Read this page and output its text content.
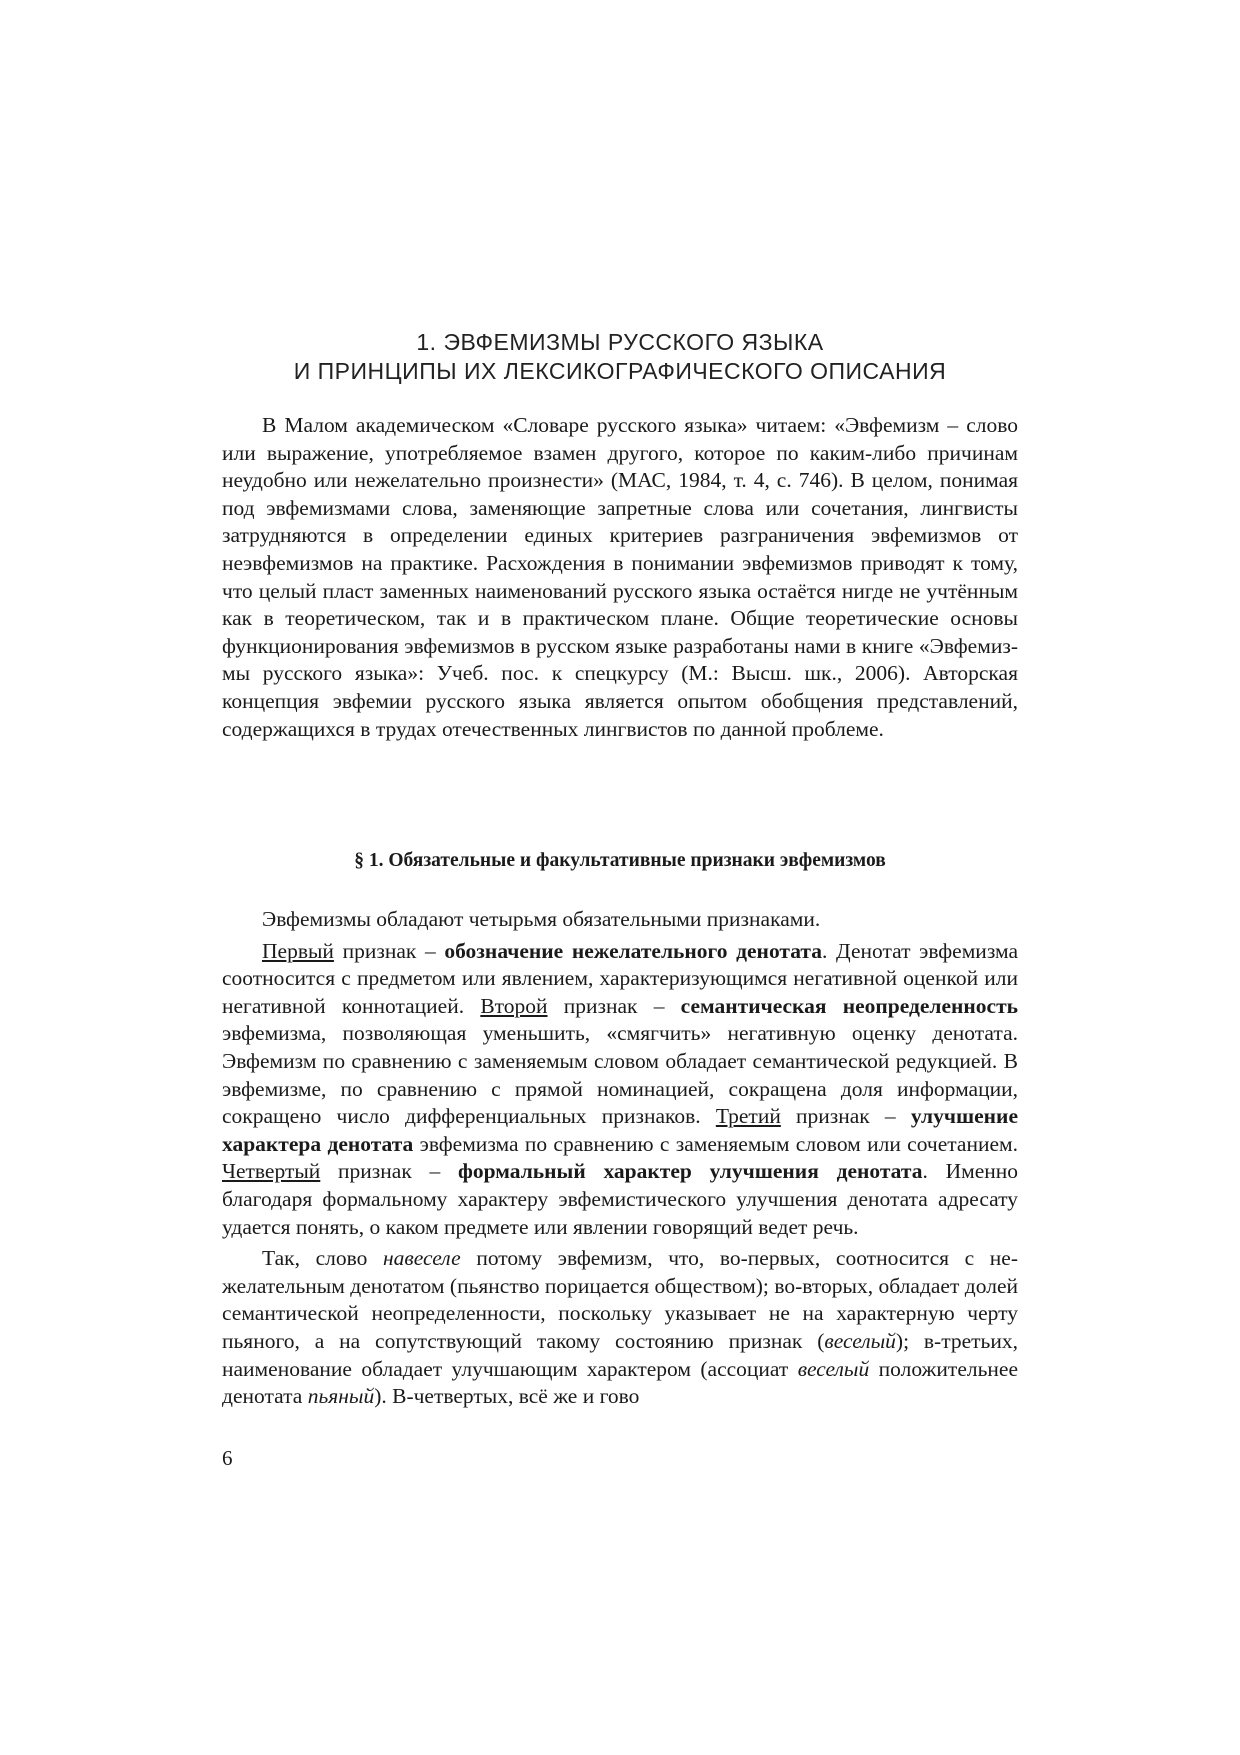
1. ЭВФЕМИЗМЫ РУССКОГО ЯЗЫКА
И ПРИНЦИПЫ ИХ ЛЕКСИКОГРАФИЧЕСКОГО ОПИСАНИЯ

В Малом академическом «Словаре русского языка» читаем: «Эвфемизм – слово или выражение, употребляемое взамен другого, которое по каким-либо причинам неудобно или нежелательно произнести» (МАС, 1984, т. 4, с. 746). В целом, понимая под эвфемизмами слова, заменяющие запретные слова или сочетания, лингвисты затрудняются в определении единых критериев разграничения эвфемизмов от неэвфемизмов на практике. Расхождения в понимании эвфемизмов приводят к тому, что целый пласт заменных наименований русского языка остаётся нигде не учтённым как в теоретическом, так и в практическом плане. Общие теоретические основы функционирования эвфемизмов в русском языке разработаны нами в книге «Эвфемизмы русского языка»: Учеб. пос. к спецкурсу (М.: Высш. шк., 2006). Авторская концепция эвфемии русского языка является опытом обобщения представлений, содержащихся в трудах отечественных лингвистов по данной проблеме.

§ 1. Обязательные и факультативные признаки эвфемизмов

Эвфемизмы обладают четырьмя обязательными признаками.

Первый признак – обозначение нежелательного денотата. Денотат эвфемизма соотносится с предметом или явлением, характеризующимся негативной оценкой или негативной коннотацией. Второй признак – семантическая неопределенность эвфемизма, позволяющая уменьшить, «смягчить» негативную оценку денотата. Эвфемизм по сравнению с заменяемым словом обладает семантической редукцией. В эвфемизме, по сравнению с прямой номинацией, сокращена доля информации, сокращено число дифференциальных признаков. Третий признак – улучшение характера денотата эвфемизма по сравнению с заменяемым словом или сочетанием. Четвертый признак – формальный характер улучшения денотата. Именно благодаря формальному характеру эвфемистического улучшения денотата адресату удается понять, о каком предмете или явлении говорящий ведет речь.

Так, слово навеселе потому эвфемизм, что, во-первых, соотносится с нежелательным денотатом (пьянство порицается обществом); во-вторых, обладает долей семантической неопределенности, поскольку указывает не на характерную черту пьяного, а на сопутствующий такому состоянию признак (веселый); в-третьих, наименование обладает улучшающим характером (ассоциат веселый положительнее денотата пьяный). В-четвертых, всё же и гово

6
